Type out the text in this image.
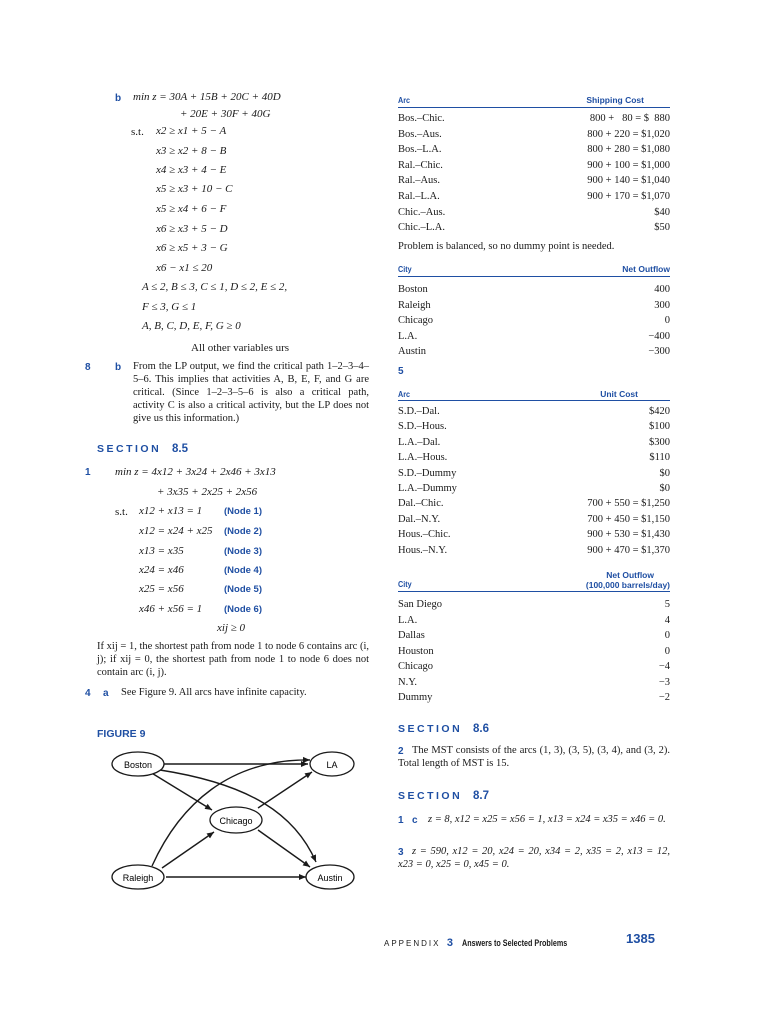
b min z = 30A + 15B + 20C + 40D
+ 20E + 30F + 40G
s.t. x2 ≥ x1 + 5 − A
x3 ≥ x2 + 8 − B
x4 ≥ x3 + 4 − E
x5 ≥ x3 + 10 − C
x5 ≥ x4 + 6 − F
x6 ≥ x3 + 5 − D
x6 ≥ x5 + 3 − G
x6 − x1 ≤ 20
A ≤ 2, B ≤ 3, C ≤ 1, D ≤ 2, E ≤ 2,
F ≤ 3, G ≤ 1
A, B, C, D, E, F, G ≥ 0
All other variables urs
8 b From the LP output, we find the critical path 1–2–3–4–5–6. This implies that activities A, B, E, F, and G are critical. (Since 1–2–3–5–6 is also a critical path, activity C is also a critical activity, but the LP does not give us this information.)
SECTION 8.5
1 min z = 4x12 + 3x24 + 2x46 + 3x13
+ 3x35 + 2x25 + 2x56
s.t. x12 + x13 = 1 (Node 1)
x12 = x24 + x25 (Node 2)
x13 = x35	(Node 3)
x24 = x46	(Node 4)
x25 = x56	(Node 5)
x46 + x56 = 1 (Node 6)
xij ≥ 0
If xij = 1, the shortest path from node 1 to node 6 contains arc (i, j); if xij = 0, the shortest path from node 1 to node 6 does not contain arc (i, j).
4 a See Figure 9. All arcs have infinite capacity.
FIGURE 9
Boston	LA
Chicago
Raleigh	Austin
Arc	Shipping Cost
Bos.–Chic.	800 +   80 = $  880
Bos.–Aus.	800 + 220 = $1,020
Bos.–L.A.	800 + 280 = $1,080
Ral.–Chic.	900 + 100 = $1,000
Ral.–Aus.	900 + 140 = $1,040
Ral.–L.A.	900 + 170 = $1,070
Chic.–Aus.	$40
Chic.–L.A.	$50
Problem is balanced, so no dummy point is needed.
City	Net Outflow
Boston	400
Raleigh	300
Chicago	0
L.A.	−400
Austin	−300
5
Arc	Unit Cost
S.D.–Dal.	$420
S.D.–Hous.	$100
L.A.–Dal.	$300
L.A.–Hous.	$110
S.D.–Dummy	$0
L.A.–Dummy	$0
Dal.–Chic.	700 + 550 = $1,250
Dal.–N.Y.	700 + 450 = $1,150
Hous.–Chic.	900 + 530 = $1,430
Hous.–N.Y.	900 + 470 = $1,370
City
Net Outflow
(100,000 barrels/day)
San Diego	5
L.A.	4
Dallas	0
Houston	0
Chicago	−4
N.Y.	−3
Dummy	−2
SECTION 8.6
2 The MST consists of the arcs (1, 3), (3, 5), (3, 4), and (3, 2). Total length of MST is 15.
SECTION 8.7
1 c z = 8, x12 = x25 = x56 = 1, x13 = x24 = x35 = x46 = 0.
3 z = 590, x12 = 20, x24 = 20, x34 = 2, x35 = 2, x13 = 12, x23 = 0, x25 = 0, x45 = 0.
APPENDIX 3 Answers to Selected Problems	1385
